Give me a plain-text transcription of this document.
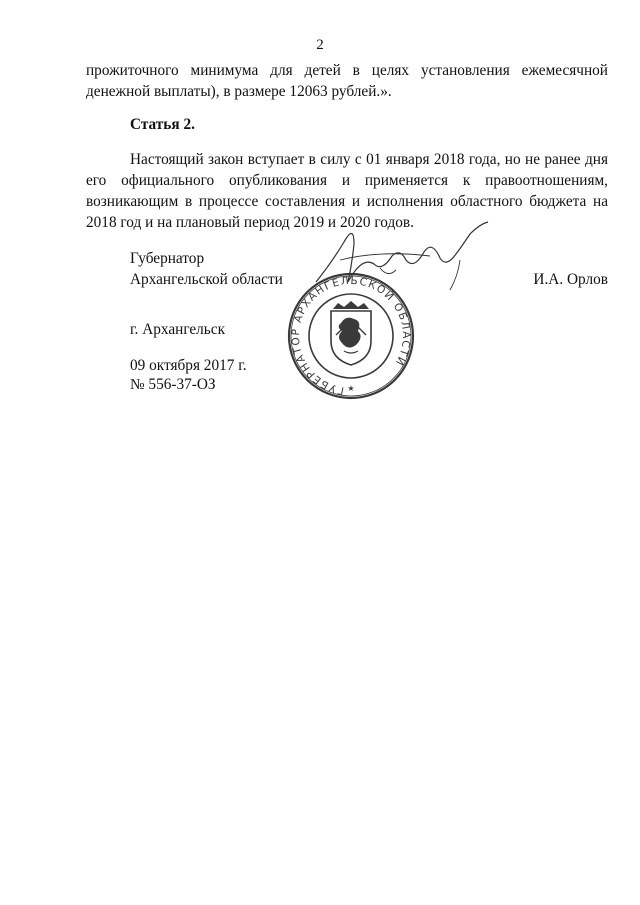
2

прожиточного минимума для детей в целях установления ежемесячной денежной выплаты), в размере 12063 рублей.».

Статья 2.

Настоящий закон вступает в силу с 01 января 2018 года, но не ранее дня его официального опубликования и применяется к правоотношениям, возникающим в процессе составления и исполнения областного бюджета на 2018 год и на плановый период 2019 и 2020 годов.

Губернатор
Архангельской области	И.А. Орлов
г. Архангельск
09 октября 2017 г.
№ 556-37-ОЗ	ГУБЕРНАТОР АРХАНГЕЛЬСКОЙ ОБЛАСТИ
★
